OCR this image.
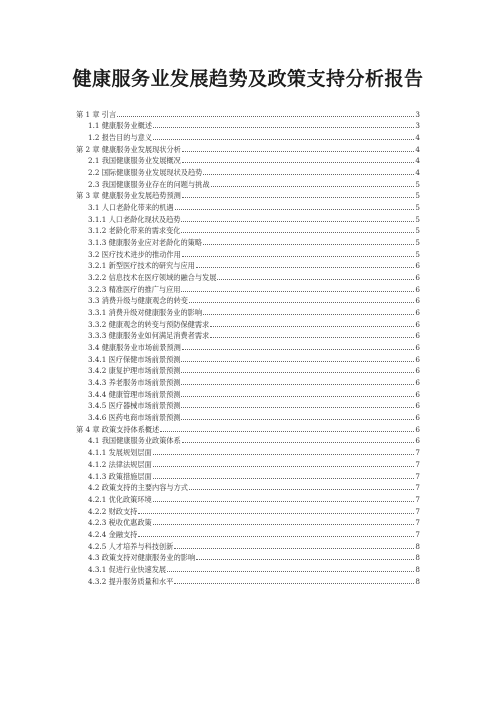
健康服务业发展趋势及政策支持分析报告
第 1 章 引言	3
1.1 健康服务业概述	3
1.2 报告目的与意义	4
第 2 章 健康服务业发展现状分析	4
2.1 我国健康服务业发展概况	4
2.2 国际健康服务业发展现状及趋势	4
2.3 我国健康服务业存在的问题与挑战	5
第 3 章 健康服务业发展趋势预测	5
3.1 人口老龄化带来的机遇	5
3.1.1 人口老龄化现状及趋势	5
3.1.2 老龄化带来的需求变化	5
3.1.3 健康服务业应对老龄化的策略	5
3.2 医疗技术进步的推动作用	5
3.2.1 新型医疗技术的研究与应用	6
3.2.2 信息技术在医疗领域的融合与发展	6
3.2.3 精准医疗的推广与应用	6
3.3 消费升级与健康观念的转变	6
3.3.1 消费升级对健康服务业的影响	6
3.3.2 健康观念的转变与预防保健需求	6
3.3.3 健康服务业如何满足消费者需求	6
3.4 健康服务业市场前景预测	6
3.4.1 医疗保健市场前景预测	6
3.4.2 康复护理市场前景预测	6
3.4.3 养老服务市场前景预测	6
3.4.4 健康管理市场前景预测	6
3.4.5 医疗器械市场前景预测	6
3.4.6 医药电商市场前景预测	6
第 4 章 政策支持体系概述	6
4.1 我国健康服务业政策体系	6
4.1.1 发展规划层面	7
4.1.2 法律法规层面	7
4.1.3 政策措施层面	7
4.2 政策支持的主要内容与方式	7
4.2.1 优化政策环境	7
4.2.2 财政支持	7
4.2.3 税收优惠政策	7
4.2.4 金融支持	7
4.2.5 人才培养与科技创新	8
4.3 政策支持对健康服务业的影响	8
4.3.1 促进行业快速发展	8
4.3.2 提升服务质量和水平	8
